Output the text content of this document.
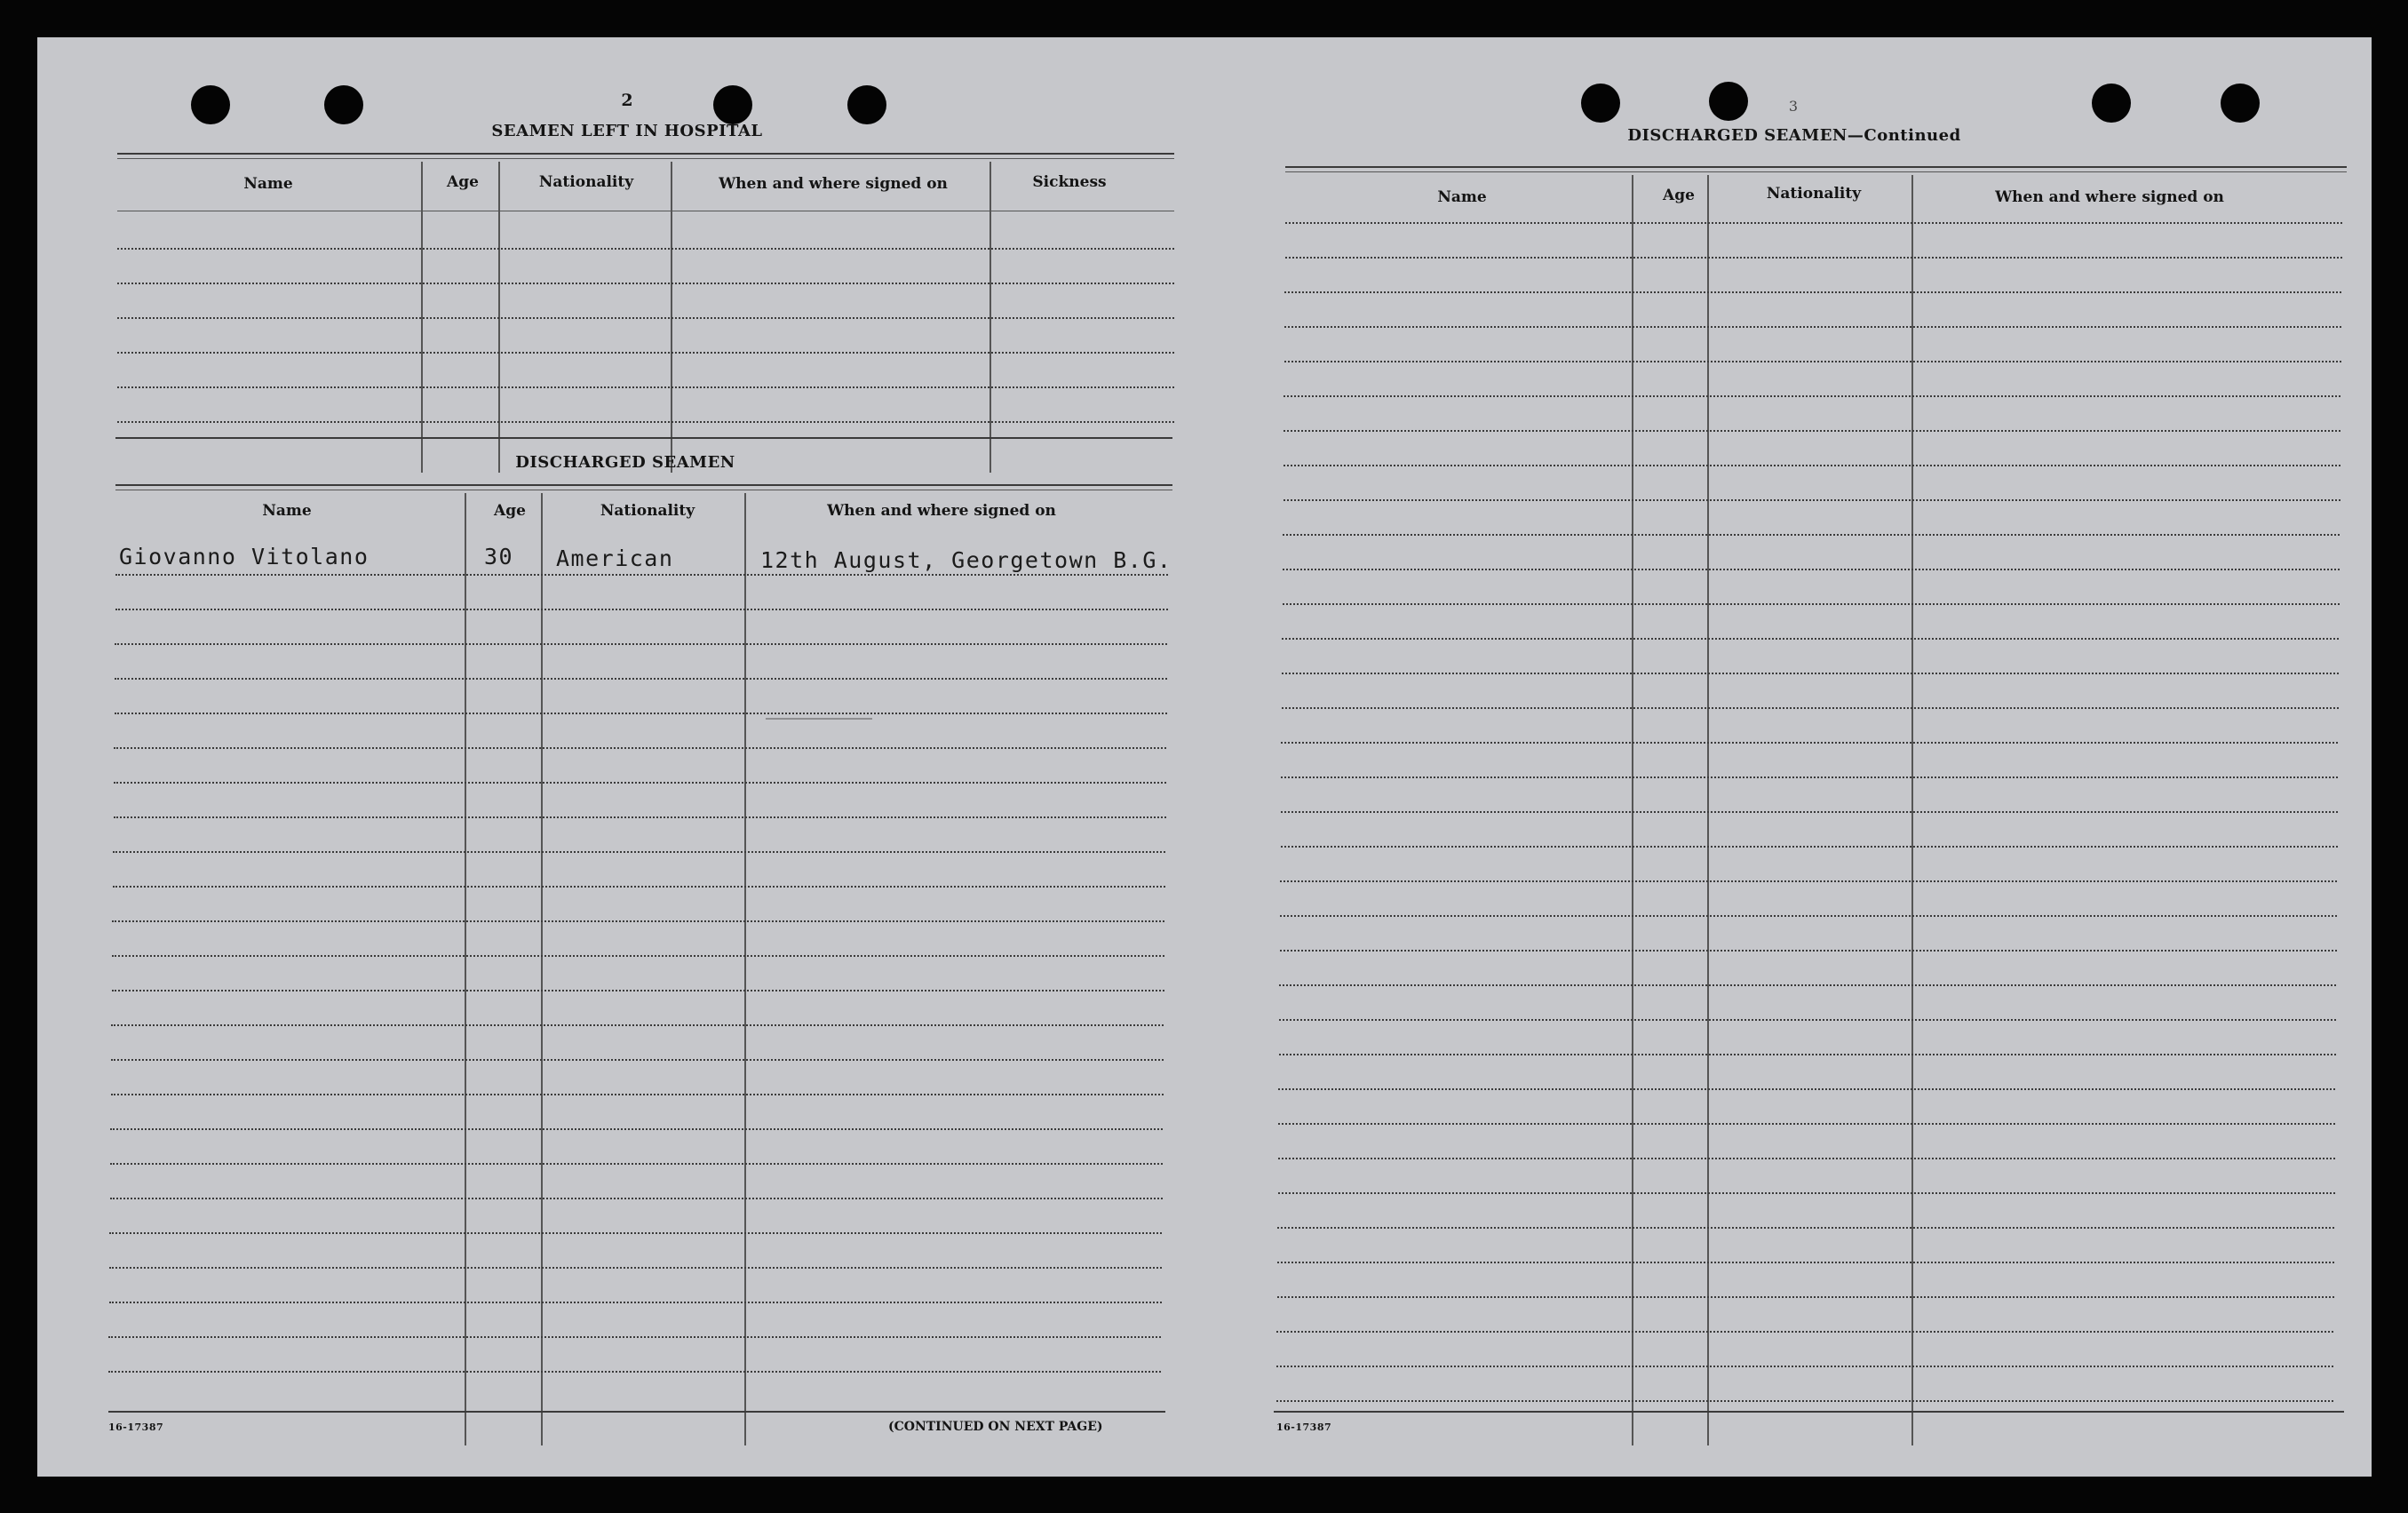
2
SEAMEN LEFT IN HOSPITAL
Name	Age	Nationality	When and where signed on	Sickness
DISCHARGED SEAMEN
Name	Age	Nationality	When and where signed on
Giovanno Vitolano	30 American	12th August, Georgetown B.G.
16-17387	(CONTINUED ON NEXT PAGE)
3
DISCHARGED SEAMEN—Continued
Name	Age	Nationality	When and where signed on
16-17387
